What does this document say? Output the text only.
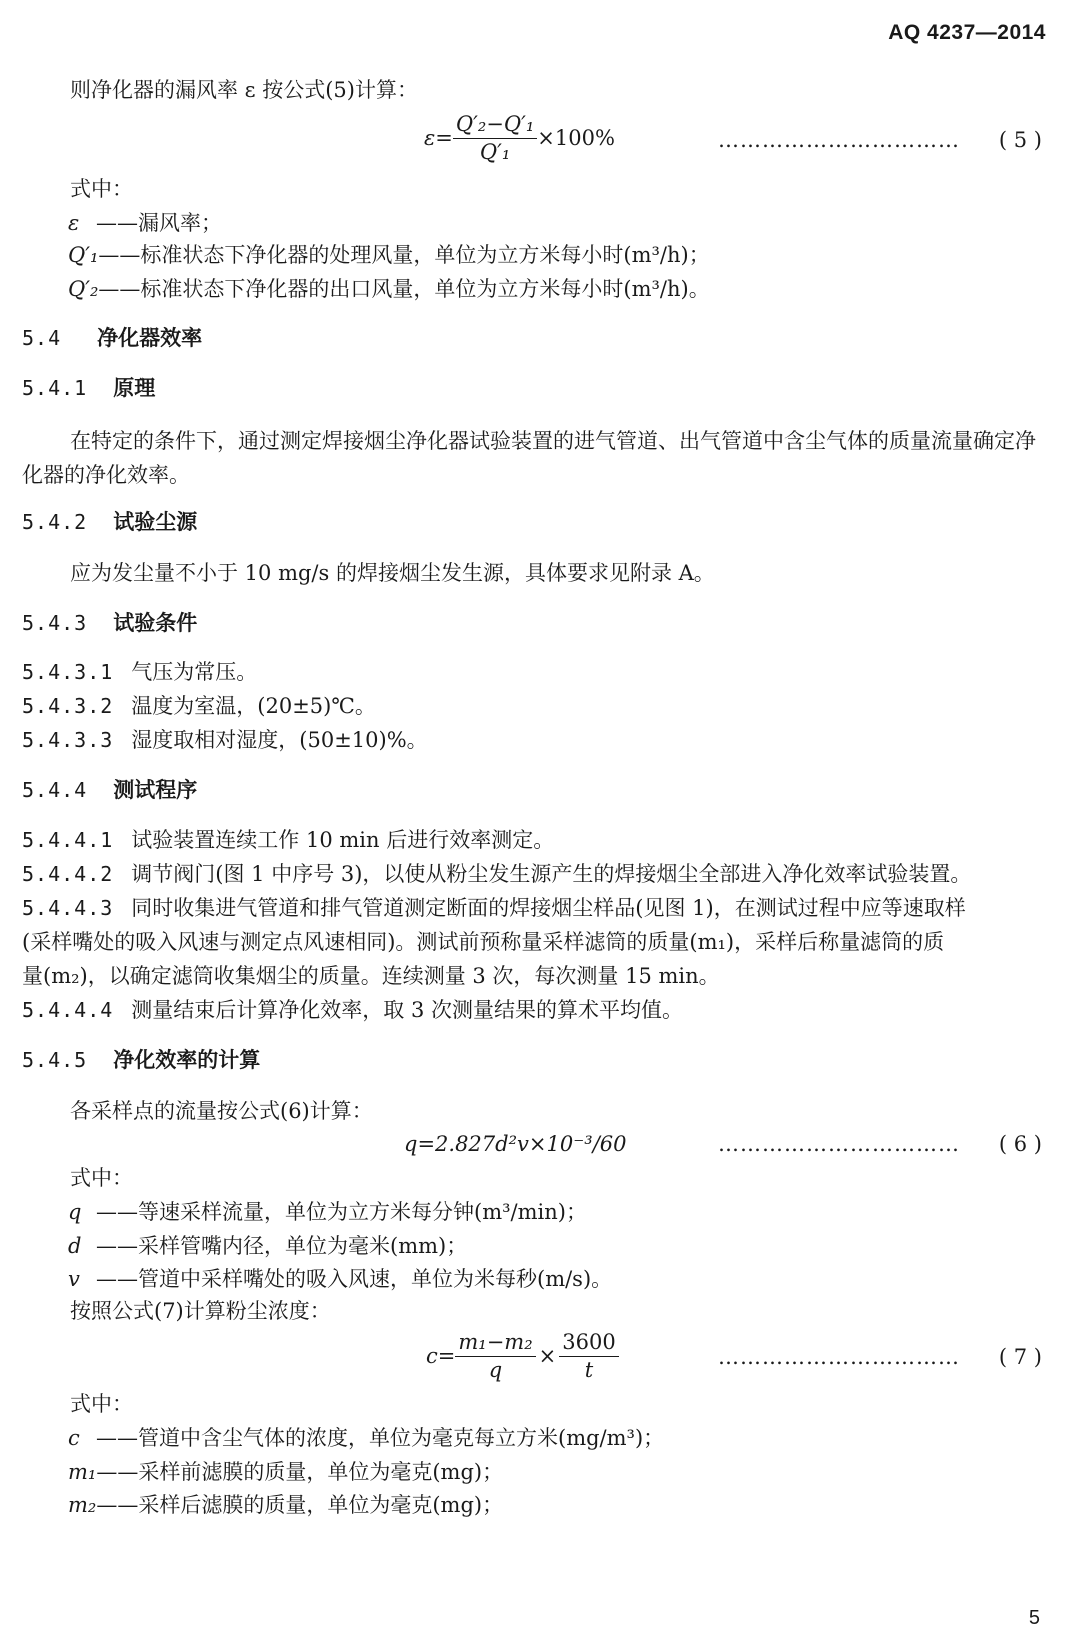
AQ 4237—2014
则净化器的漏风率 ε 按公式(5)计算：
$\varepsilon= \frac{\text{Q′₂−Q′₁}}{\text{Q′₁}} \times 100\%$	…………………………… ( 5 )
式中：
ε ——漏风率；
Q′₁——标准状态下净化器的处理风量，单位为立方米每小时(m³/h)；
Q′₂——标准状态下净化器的出口风量，单位为立方米每小时(m³/h)。
5.4 净化器效率
5.4.1 原理
在特定的条件下，通过测定焊接烟尘净化器试验装置的进气管道、出气管道中含尘气体的质量流量确定净化器的净化效率。
5.4.2 试验尘源
应为发尘量不小于 10 mg/s 的焊接烟尘发生源，具体要求见附录 A。
5.4.3 试验条件
5.4.3.1 气压为常压。
5.4.3.2 温度为室温，(20±5)℃。
5.4.3.3 湿度取相对湿度，(50±10)%。
5.4.4 测试程序
5.4.4.1 试验装置连续工作 10 min 后进行效率测定。
5.4.4.2 调节阀门(图 1 中序号 3)，以使从粉尘发生源产生的焊接烟尘全部进入净化效率试验装置。
5.4.4.3 同时收集进气管道和排气管道测定断面的焊接烟尘样品(见图 1)，在测试过程中应等速取样
(采样嘴处的吸入风速与测定点风速相同)。测试前预称量采样滤筒的质量(m₁)，采样后称量滤筒的质
量(m₂)，以确定滤筒收集烟尘的质量。连续测量 3 次，每次测量 15 min。
5.4.4.4 测量结束后计算净化效率，取 3 次测量结果的算术平均值。
5.4.5 净化效率的计算
各采样点的流量按公式(6)计算：
q=2.827d²v×10⁻³/60	…………………………… ( 6 )
式中：
q ——等速采样流量，单位为立方米每分钟(m³/min)；
d ——采样管嘴内径，单位为毫米(mm)；
v ——管道中采样嘴处的吸入风速，单位为米每秒(m/s)。
按照公式(7)计算粉尘浓度：
$c= \frac{\text{m₁−m₂}}{q} \times \frac{3600}{t}$	…………………………… ( 7 )
式中：
c ——管道中含尘气体的浓度，单位为毫克每立方米(mg/m³)；
m₁——采样前滤膜的质量，单位为毫克(mg)；
m₂——采样后滤膜的质量，单位为毫克(mg)；
5
